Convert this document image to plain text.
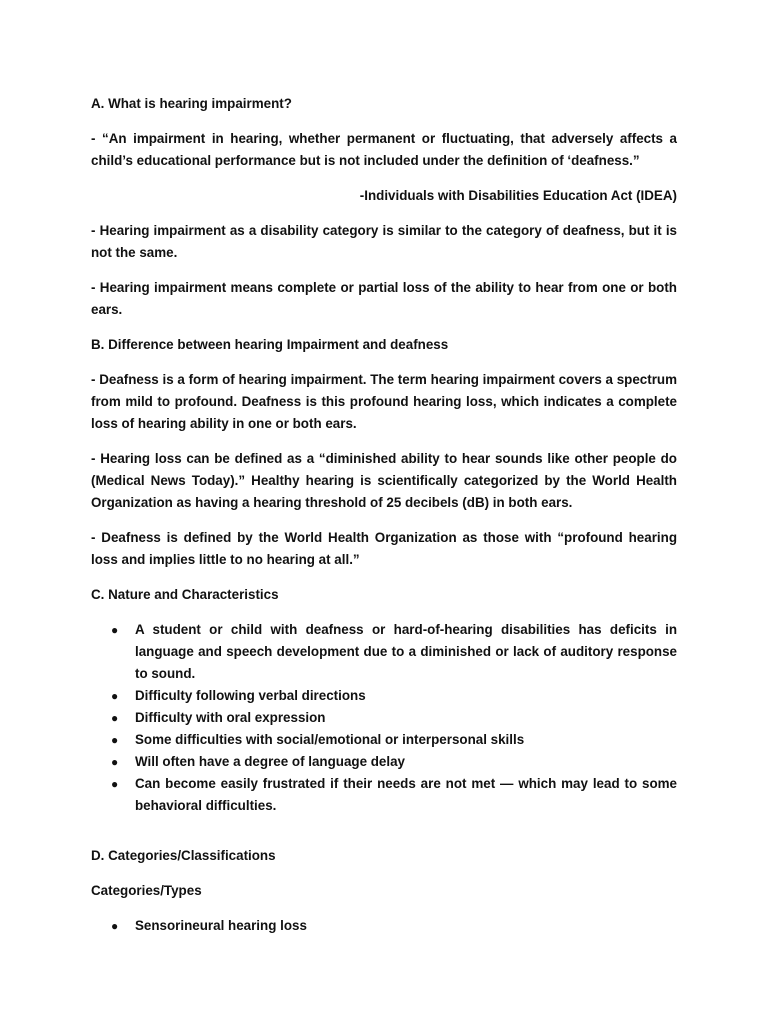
A. What is hearing impairment?

- “An impairment in hearing, whether permanent or fluctuating, that adversely affects a child’s educational performance but is not included under the definition of ‘deafness.”

-Individuals with Disabilities Education Act (IDEA)

- Hearing impairment as a disability category is similar to the category of deafness, but it is not the same.

- Hearing impairment means complete or partial loss of the ability to hear from one or both ears.

B. Difference between hearing Impairment and deafness

- Deafness is a form of hearing impairment. The term hearing impairment covers a spectrum from mild to profound. Deafness is this profound hearing loss, which indicates a complete loss of hearing ability in one or both ears.

- Hearing loss can be defined as a “diminished ability to hear sounds like other people do (Medical News Today).” Healthy hearing is scientifically categorized by the World Health Organization as having a hearing threshold of 25 decibels (dB) in both ears.

- Deafness is defined by the World Health Organization as those with “profound hearing loss and implies little to no hearing at all.”

C. Nature and Characteristics

● A student or child with deafness or hard-of-hearing disabilities has deficits in language and speech development due to a diminished or lack of auditory response to sound.
● Difficulty following verbal directions
● Difficulty with oral expression
● Some difficulties with social/emotional or interpersonal skills
● Will often have a degree of language delay
● Can become easily frustrated if their needs are not met — which may lead to some behavioral difficulties.

D. Categories/Classifications

Categories/Types

● Sensorineural hearing loss
